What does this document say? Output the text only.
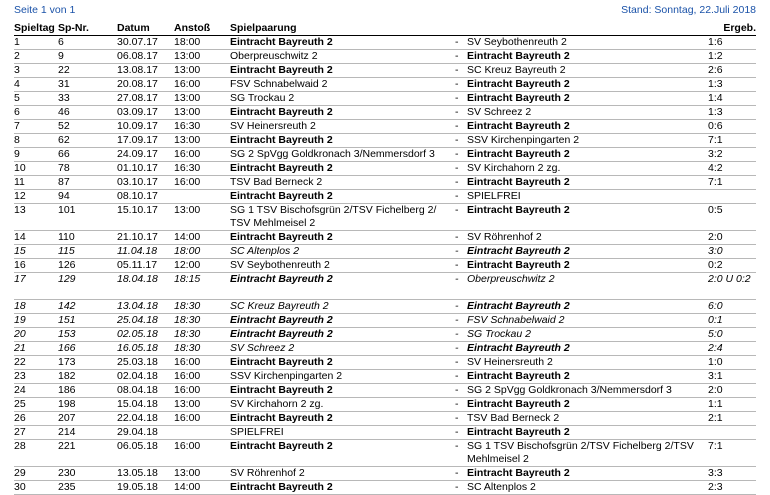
Seite 1 von 1	Stand: Sonntag, 22.Juli 2018
Spieltag	Sp-Nr.	Datum	Anstoß	Spielpaarung			Ergeb.
1	6	30.07.17	18:00	Eintracht Bayreuth 2	-	SV Seybothenreuth 2	1:6
2	9	06.08.17	13:00	Oberpreuschwitz 2	-	Eintracht Bayreuth 2	1:2
3	22	13.08.17	13:00	Eintracht Bayreuth 2	-	SC Kreuz Bayreuth 2	2:6
4	31	20.08.17	16:00	FSV Schnabelwaid 2	-	Eintracht Bayreuth 2	1:3
5	33	27.08.17	13:00	SG Trockau 2	-	Eintracht Bayreuth 2	1:4
6	46	03.09.17	13:00	Eintracht Bayreuth 2	-	SV Schreez 2	1:3
7	52	10.09.17	16:30	SV Heinersreuth 2	-	Eintracht Bayreuth 2	0:6
8	62	17.09.17	13:00	Eintracht Bayreuth 2	-	SSV Kirchenpingarten 2	7:1
9	66	24.09.17	16:00	SG 2 SpVgg Goldkronach 3/Nemmersdorf 3	-	Eintracht Bayreuth 2	3:2
10	78	01.10.17	16:30	Eintracht Bayreuth 2	-	SV Kirchahorn 2 zg.	4:2
11	87	03.10.17	16:00	TSV Bad Berneck 2	-	Eintracht Bayreuth 2	7:1
12	94	08.10.17		Eintracht Bayreuth 2	-	SPIELFREI	
13	101	15.10.17	13:00	SG 1 TSV Bischofsgrün 2/TSV Fichelberg 2/ TSV Mehlmeisel 2	-	Eintracht Bayreuth 2	0:5
14	110	21.10.17	14:00	Eintracht Bayreuth 2	-	SV Röhrenhof 2	2:0
15	115	11.04.18	18:00	SC Altenplos 2	-	Eintracht Bayreuth 2	3:0
16	126	05.11.17	12:00	SV Seybothenreuth 2	-	Eintracht Bayreuth 2	0:2
17	129	18.04.18	18:15	Eintracht Bayreuth 2	-	Oberpreuschwitz 2	2:0 U 0:2
18	142	13.04.18	18:30	SC Kreuz Bayreuth 2	-	Eintracht Bayreuth 2	6:0
19	151	25.04.18	18:30	Eintracht Bayreuth 2	-	FSV Schnabelwaid 2	0:1
20	153	02.05.18	18:30	Eintracht Bayreuth 2	-	SG Trockau 2	5:0
21	166	16.05.18	18:30	SV Schreez 2	-	Eintracht Bayreuth 2	2:4
22	173	25.03.18	16:00	Eintracht Bayreuth 2	-	SV Heinersreuth 2	1:0
23	182	02.04.18	16:00	SSV Kirchenpingarten 2	-	Eintracht Bayreuth 2	3:1
24	186	08.04.18	16:00	Eintracht Bayreuth 2	-	SG 2 SpVgg Goldkronach 3/Nemmersdorf 3	2:0
25	198	15.04.18	13:00	SV Kirchahorn 2 zg.	-	Eintracht Bayreuth 2	1:1
26	207	22.04.18	16:00	Eintracht Bayreuth 2	-	TSV Bad Berneck 2	2:1
27	214	29.04.18		SPIELFREI	-	Eintracht Bayreuth 2	
28	221	06.05.18	16:00	Eintracht Bayreuth 2	-	SG 1 TSV Bischofsgrün 2/TSV Fichelberg 2/TSV Mehlmeisel 2	7:1
29	230	13.05.18	13:00	SV Röhrenhof 2	-	Eintracht Bayreuth 2	3:3
30	235	19.05.18	14:00	Eintracht Bayreuth 2	-	SC Altenplos 2	2:3
